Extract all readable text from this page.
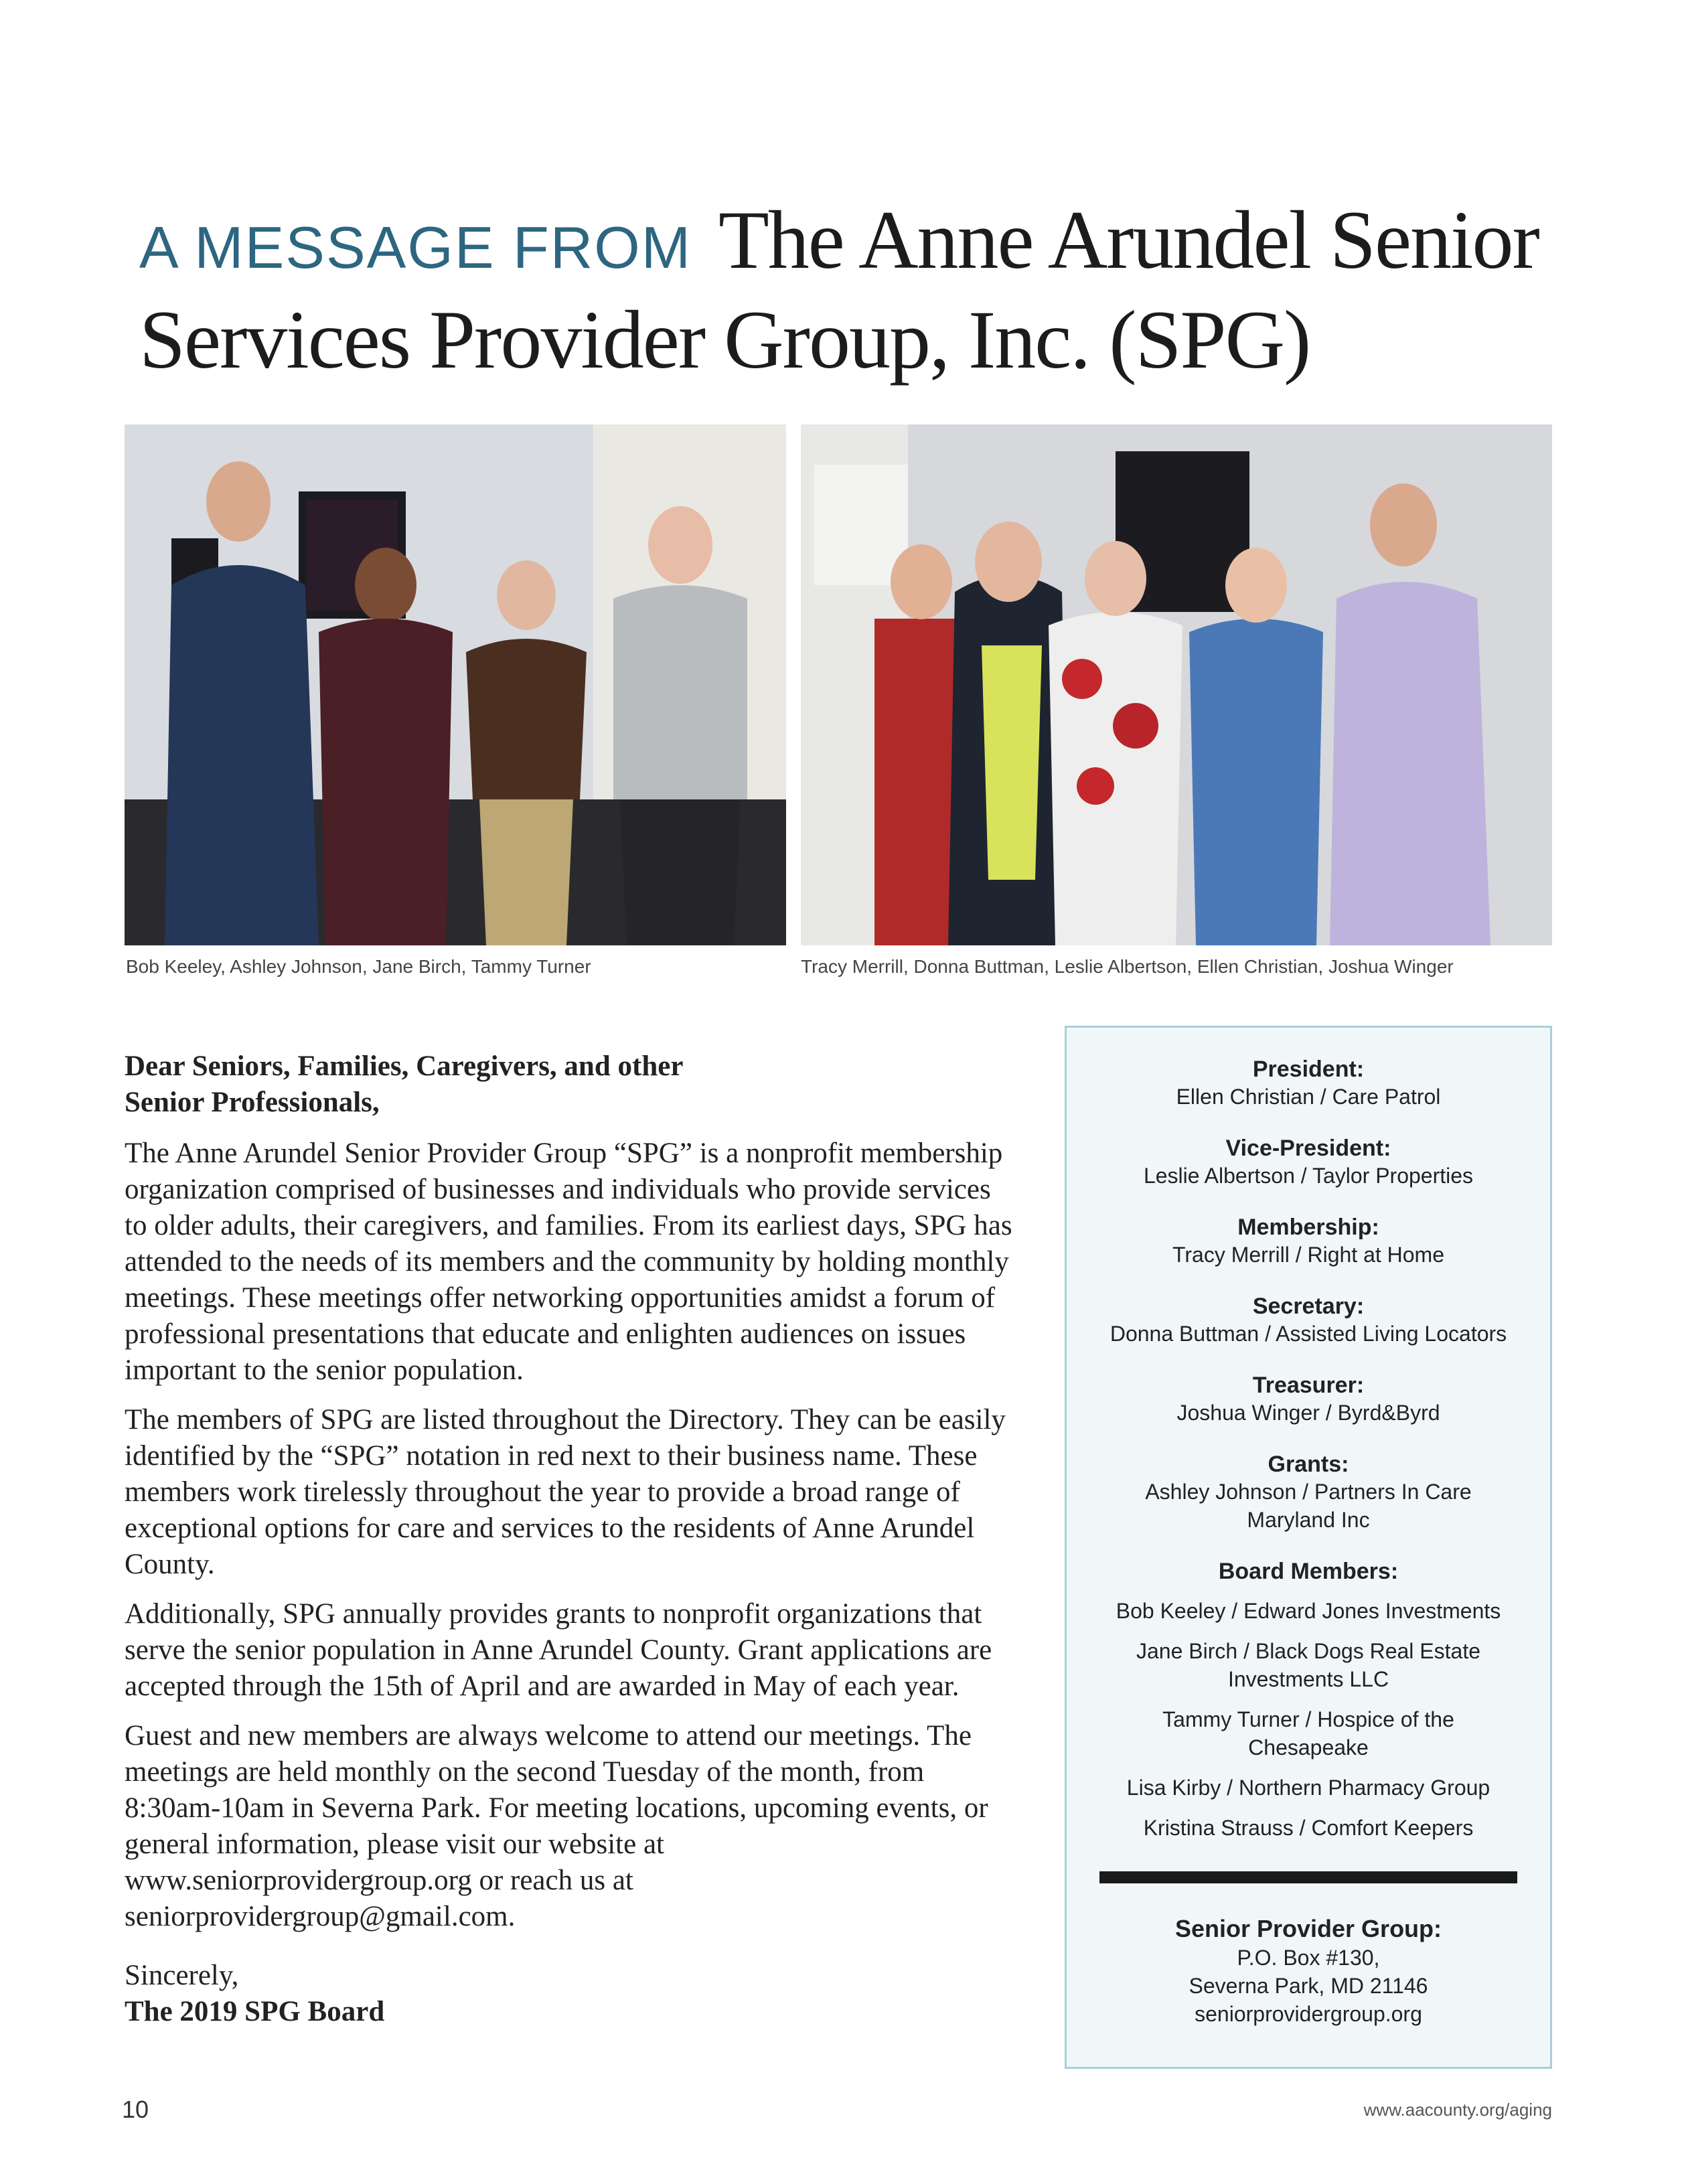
A MESSAGE FROM The Anne Arundel Senior
Services Provider Group, Inc. (SPG)
Bob Keeley, Ashley Johnson, Jane Birch, Tammy Turner	Tracy Merrill, Donna Buttman, Leslie Albertson, Ellen Christian, Joshua Winger
Dear Seniors, Families, Caregivers, and other
Senior Professionals,

The Anne Arundel Senior Provider Group “SPG” is a nonprofit membership organization comprised of businesses and individuals who provide services to older adults, their caregivers, and families. From its earliest days, SPG has attended to the needs of its members and the community by holding monthly meetings. These meetings offer networking opportunities amidst a forum of professional presentations that educate and enlighten audiences on issues important to the senior population.

The members of SPG are listed throughout the Directory. They can be easily identified by the “SPG” notation in red next to their business name. These members work tirelessly throughout the year to provide a broad range of exceptional options for care and services to the residents of Anne Arundel County.

Additionally, SPG annually provides grants to nonprofit organizations that serve the senior population in Anne Arundel County. Grant applications are accepted through the 15th of April and are awarded in May of each year.

Guest and new members are always welcome to attend our meetings. The meetings are held monthly on the second Tuesday of the month, from 8:30am-10am in Severna Park. For meeting locations, upcoming events, or general information, please visit our website at www.seniorprovidergroup.org or reach us at seniorprovidergroup@gmail.com.

Sincerely,
The 2019 SPG Board
President:
Ellen Christian / Care Patrol
Vice-President:
Leslie Albertson / Taylor Properties
Membership:
Tracy Merrill / Right at Home
Secretary:
Donna Buttman / Assisted Living Locators
Treasurer:
Joshua Winger / Byrd&Byrd
Grants:
Ashley Johnson / Partners In Care Maryland Inc
Board Members:
Bob Keeley / Edward Jones Investments
Jane Birch / Black Dogs Real Estate Investments LLC
Tammy Turner / Hospice of the Chesapeake
Lisa Kirby / Northern Pharmacy Group
Kristina Strauss / Comfort Keepers
Senior Provider Group:
P.O. Box #130,
Severna Park, MD 21146
seniorprovidergroup.org
10	www.aacounty.org/aging
